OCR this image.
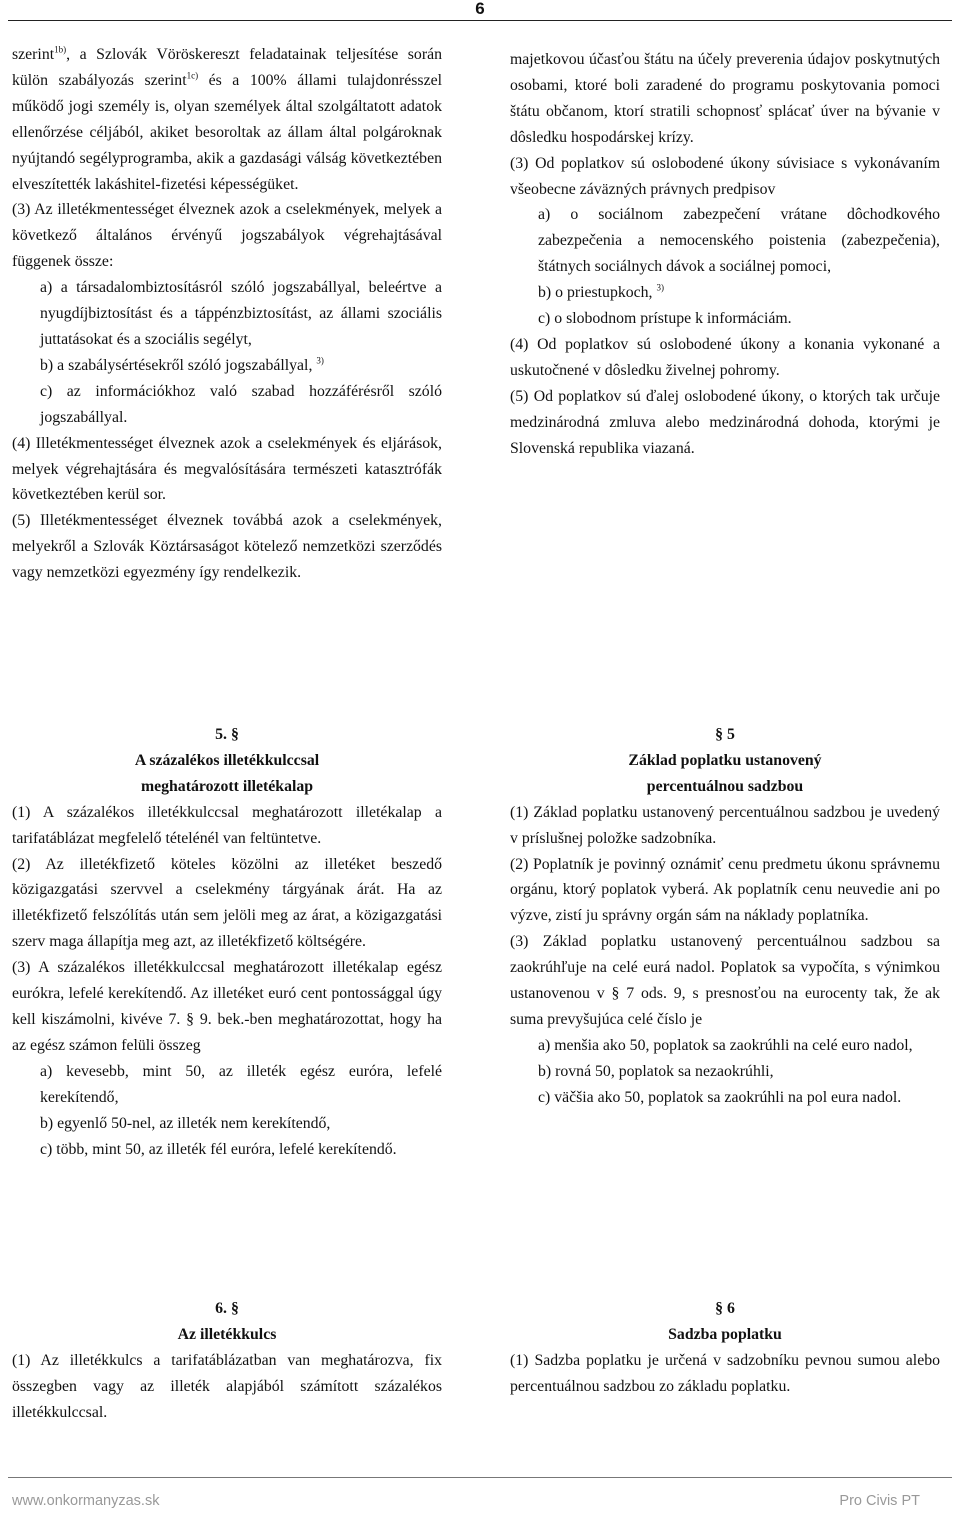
6

szerint$^{1b)}$, a Szlovák Vöröskereszt feladatainak teljesítése során külön szabályozás szerint$^{1c)}$ és a 100% állami tulajdonrésszel működő jogi személy is, olyan személyek által szolgáltatott adatok ellenőrzése céljából, akiket besoroltak az állam által polgároknak nyújtandó segélyprogramba, akik a gazdasági válság következtében elveszítették lakáshitel-fizetési képességüket.

(3) Az illetékmentességet élveznek azok a cselekmények, melyek a következő általános érvényű jogszabályok végrehajtásával függenek össze:

a) a társadalombiztosításról szóló jogszabállyal, beleértve a nyugdíjbiztosítást és a táppénzbiztosítást, az állami szociális juttatásokat és a szociális segélyt,

b) a szabálysértésekről szóló jogszabállyal, $^{3)}$

c) az információkhoz való szabad hozzáférésről szóló jogszabállyal.

(4) Illetékmentességet élveznek azok a cselekmények és eljárások, melyek végrehajtására és megvalósítására természeti katasztrófák következtében kerül sor.

(5) Illetékmentességet élveznek továbbá azok a cselekmények, melyekről a Szlovák Köztársaságot kötelező nemzetközi szerződés vagy nemzetközi egyezmény így rendelkezik.

majetkovou účasťou štátu na účely preverenia údajov poskytnutých osobami, ktoré boli zaradené do programu poskytovania pomoci štátu občanom, ktorí stratili schopnosť splácať úver na bývanie v dôsledku hospodárskej krízy.

(3) Od poplatkov sú oslobodené úkony súvisiace s vykonávaním všeobecne záväzných právnych predpisov

a) o sociálnom zabezpečení vrátane dôchodkového zabezpečenia a nemocenského poistenia (zabezpečenia), štátnych sociálnych dávok a sociálnej pomoci,

b) o priestupkoch, $^{3)}$

c) o slobodnom prístupe k informáciám.

(4) Od poplatkov sú oslobodené úkony a konania vykonané a uskutočnené v dôsledku živelnej pohromy.

(5) Od poplatkov sú ďalej oslobodené úkony, o ktorých tak určuje medzinárodná zmluva alebo medzinárodná dohoda, ktorými je Slovenská republika viazaná.

5. §

A százalékos illetékkulccsal

meghatározott illetékalap

(1) A százalékos illetékkulccsal meghatározott illetékalap a tarifatáblázat megfelelő tételénél van feltüntetve.

(2) Az illetékfizető köteles közölni az illetéket beszedő közigazgatási szervvel a cselekmény tárgyának árát. Ha az illetékfizető felszólítás után sem jelöli meg az árat, a közigazgatási szerv maga állapítja meg azt, az illetékfizető költségére.

(3) A százalékos illetékkulccsal meghatározott illetékalap egész eurókra, lefelé kerekítendő. Az illetéket euró cent pontossággal úgy kell kiszámolni, kivéve 7. § 9. bek.-ben meghatározottat, hogy ha az egész számon felüli összeg

a) kevesebb, mint 50, az illeték egész euróra, lefelé kerekítendő,

b) egyenlő 50-nel, az illeték nem kerekítendő,

c) több, mint 50, az illeték fél euróra, lefelé kerekítendő.

§ 5

Základ poplatku ustanovený

percentuálnou sadzbou

(1) Základ poplatku ustanovený percentuálnou sadzbou je uvedený v príslušnej položke sadzobníka.

(2) Poplatník je povinný oznámiť cenu predmetu úkonu správnemu orgánu, ktorý poplatok vyberá. Ak poplatník cenu neuvedie ani po výzve, zistí ju správny orgán sám na náklady poplatníka.

(3) Základ poplatku ustanovený percentuálnou sadzbou sa zaokrúhľuje na celé eurá nadol. Poplatok sa vypočíta, s výnimkou ustanovenou v § 7 ods. 9, s presnosťou na eurocenty tak, že ak suma prevyšujúca celé číslo je

a) menšia ako 50, poplatok sa zaokrúhli na celé euro nadol,

b) rovná 50, poplatok sa nezaokrúhli,

c) väčšia ako 50, poplatok sa zaokrúhli na pol eura nadol.

6. §

Az illetékkulcs

(1) Az illetékkulcs a tarifatáblázatban van meghatározva, fix összegben vagy az illeték alapjából számított százalékos illetékkulccsal.

§ 6

Sadzba poplatku

(1) Sadzba poplatku je určená v sadzobníku pevnou sumou alebo percentuálnou sadzbou zo základu poplatku.

www.onkormanyzas.sk	Pro Civis PT
